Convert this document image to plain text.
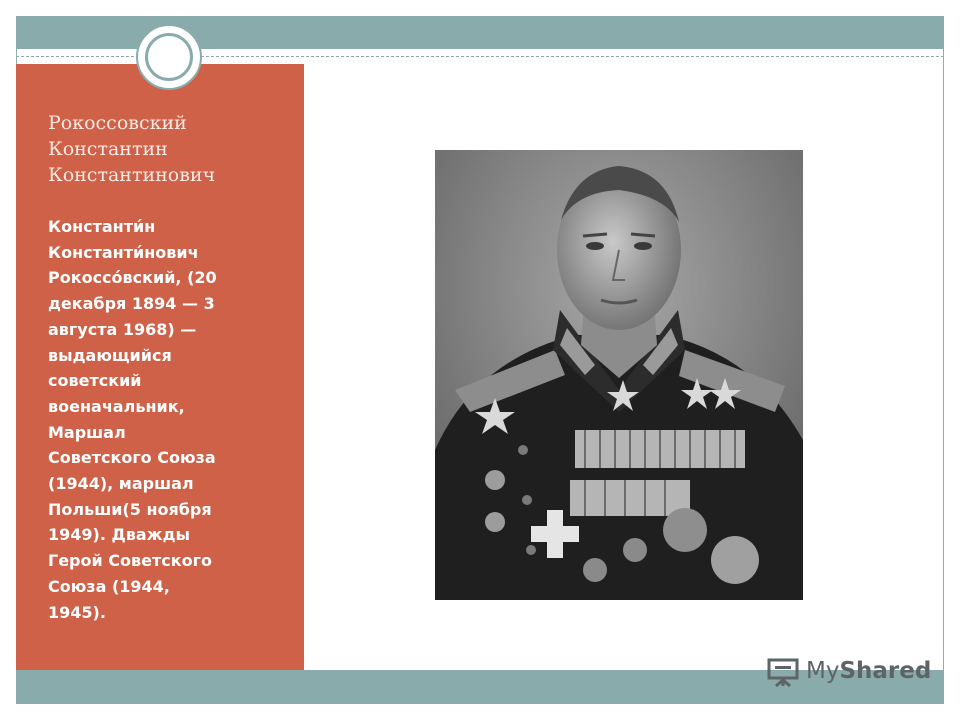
Рокоссовский
Константин
Константинович

Константи́н
Константи́нович
Рокоссо́вский, (20
декабря 1894 — 3
августа 1968) —
выдающийся
советский
военачальник,
Маршал
Советского Союза
(1944), маршал
Польши(5 ноября
1949). Дважды
Герой Советского
Союза (1944,
1945).

MyShared
